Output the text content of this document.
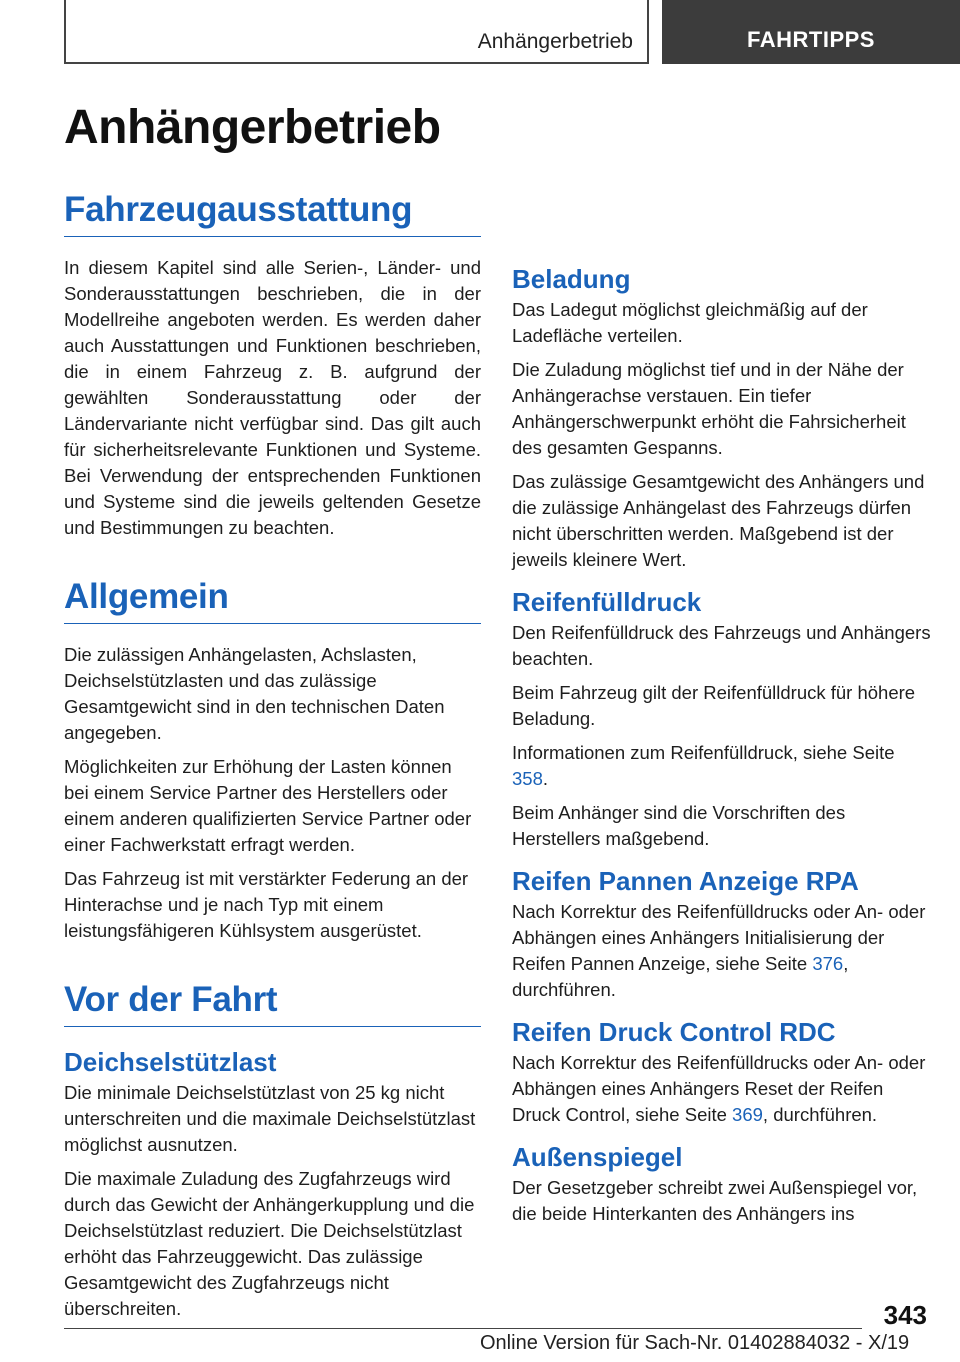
Anhängerbetrieb	FAHRTIPPS
Anhängerbetrieb
Fahrzeugausstattung

In diesem Kapitel sind alle Serien-, Länder- und Sonderausstattungen beschrieben, die in der Modellreihe angeboten werden. Es werden daher auch Ausstattungen und Funktionen beschrieben, die in einem Fahrzeug z. B. aufgrund der gewählten Sonderausstattung oder der Ländervariante nicht verfügbar sind. Das gilt auch für sicherheitsrelevante Funktionen und Systeme. Bei Verwendung der entsprechenden Funktionen und Systeme sind die jeweils geltenden Gesetze und Bestimmungen zu beachten.

Allgemein

Die zulässigen Anhängelasten, Achslasten, Deichselstützlasten und das zulässige Gesamtgewicht sind in den technischen Daten angegeben.

Möglichkeiten zur Erhöhung der Lasten können bei einem Service Partner des Herstellers oder einem anderen qualifizierten Service Partner oder einer Fachwerkstatt erfragt werden.

Das Fahrzeug ist mit verstärkter Federung an der Hinterachse und je nach Typ mit einem leistungsfähigeren Kühlsystem ausgerüstet.

Vor der Fahrt
Deichselstützlast

Die minimale Deichselstützlast von 25 kg nicht unterschreiten und die maximale Deichselstützlast möglichst ausnutzen.

Die maximale Zuladung des Zugfahrzeugs wird durch das Gewicht der Anhängerkupplung und die Deichselstützlast reduziert. Die Deichselstützlast erhöht das Fahrzeuggewicht. Das zulässige Gesamtgewicht des Zugfahrzeugs nicht überschreiten.

Beladung

Das Ladegut möglichst gleichmäßig auf der Ladefläche verteilen.

Die Zuladung möglichst tief und in der Nähe der Anhängerachse verstauen. Ein tiefer Anhängerschwerpunkt erhöht die Fahrsicherheit des gesamten Gespanns.

Das zulässige Gesamtgewicht des Anhängers und die zulässige Anhängelast des Fahrzeugs dürfen nicht überschritten werden. Maßgebend ist der jeweils kleinere Wert.

Reifenfülldruck

Den Reifenfülldruck des Fahrzeugs und Anhängers beachten.

Beim Fahrzeug gilt der Reifenfülldruck für höhere Beladung.

Informationen zum Reifenfülldruck, siehe Seite 358.

Beim Anhänger sind die Vorschriften des Herstellers maßgebend.

Reifen Pannen Anzeige RPA

Nach Korrektur des Reifenfülldrucks oder An- oder Abhängen eines Anhängers Initialisierung der Reifen Pannen Anzeige, siehe Seite 376, durchführen.

Reifen Druck Control RDC

Nach Korrektur des Reifenfülldrucks oder An- oder Abhängen eines Anhängers Reset der Reifen Druck Control, siehe Seite 369, durchführen.

Außenspiegel

Der Gesetzgeber schreibt zwei Außenspiegel vor, die beide Hinterkanten des Anhängers ins

343
Online Version für Sach-Nr. 01402884032 - X/19
